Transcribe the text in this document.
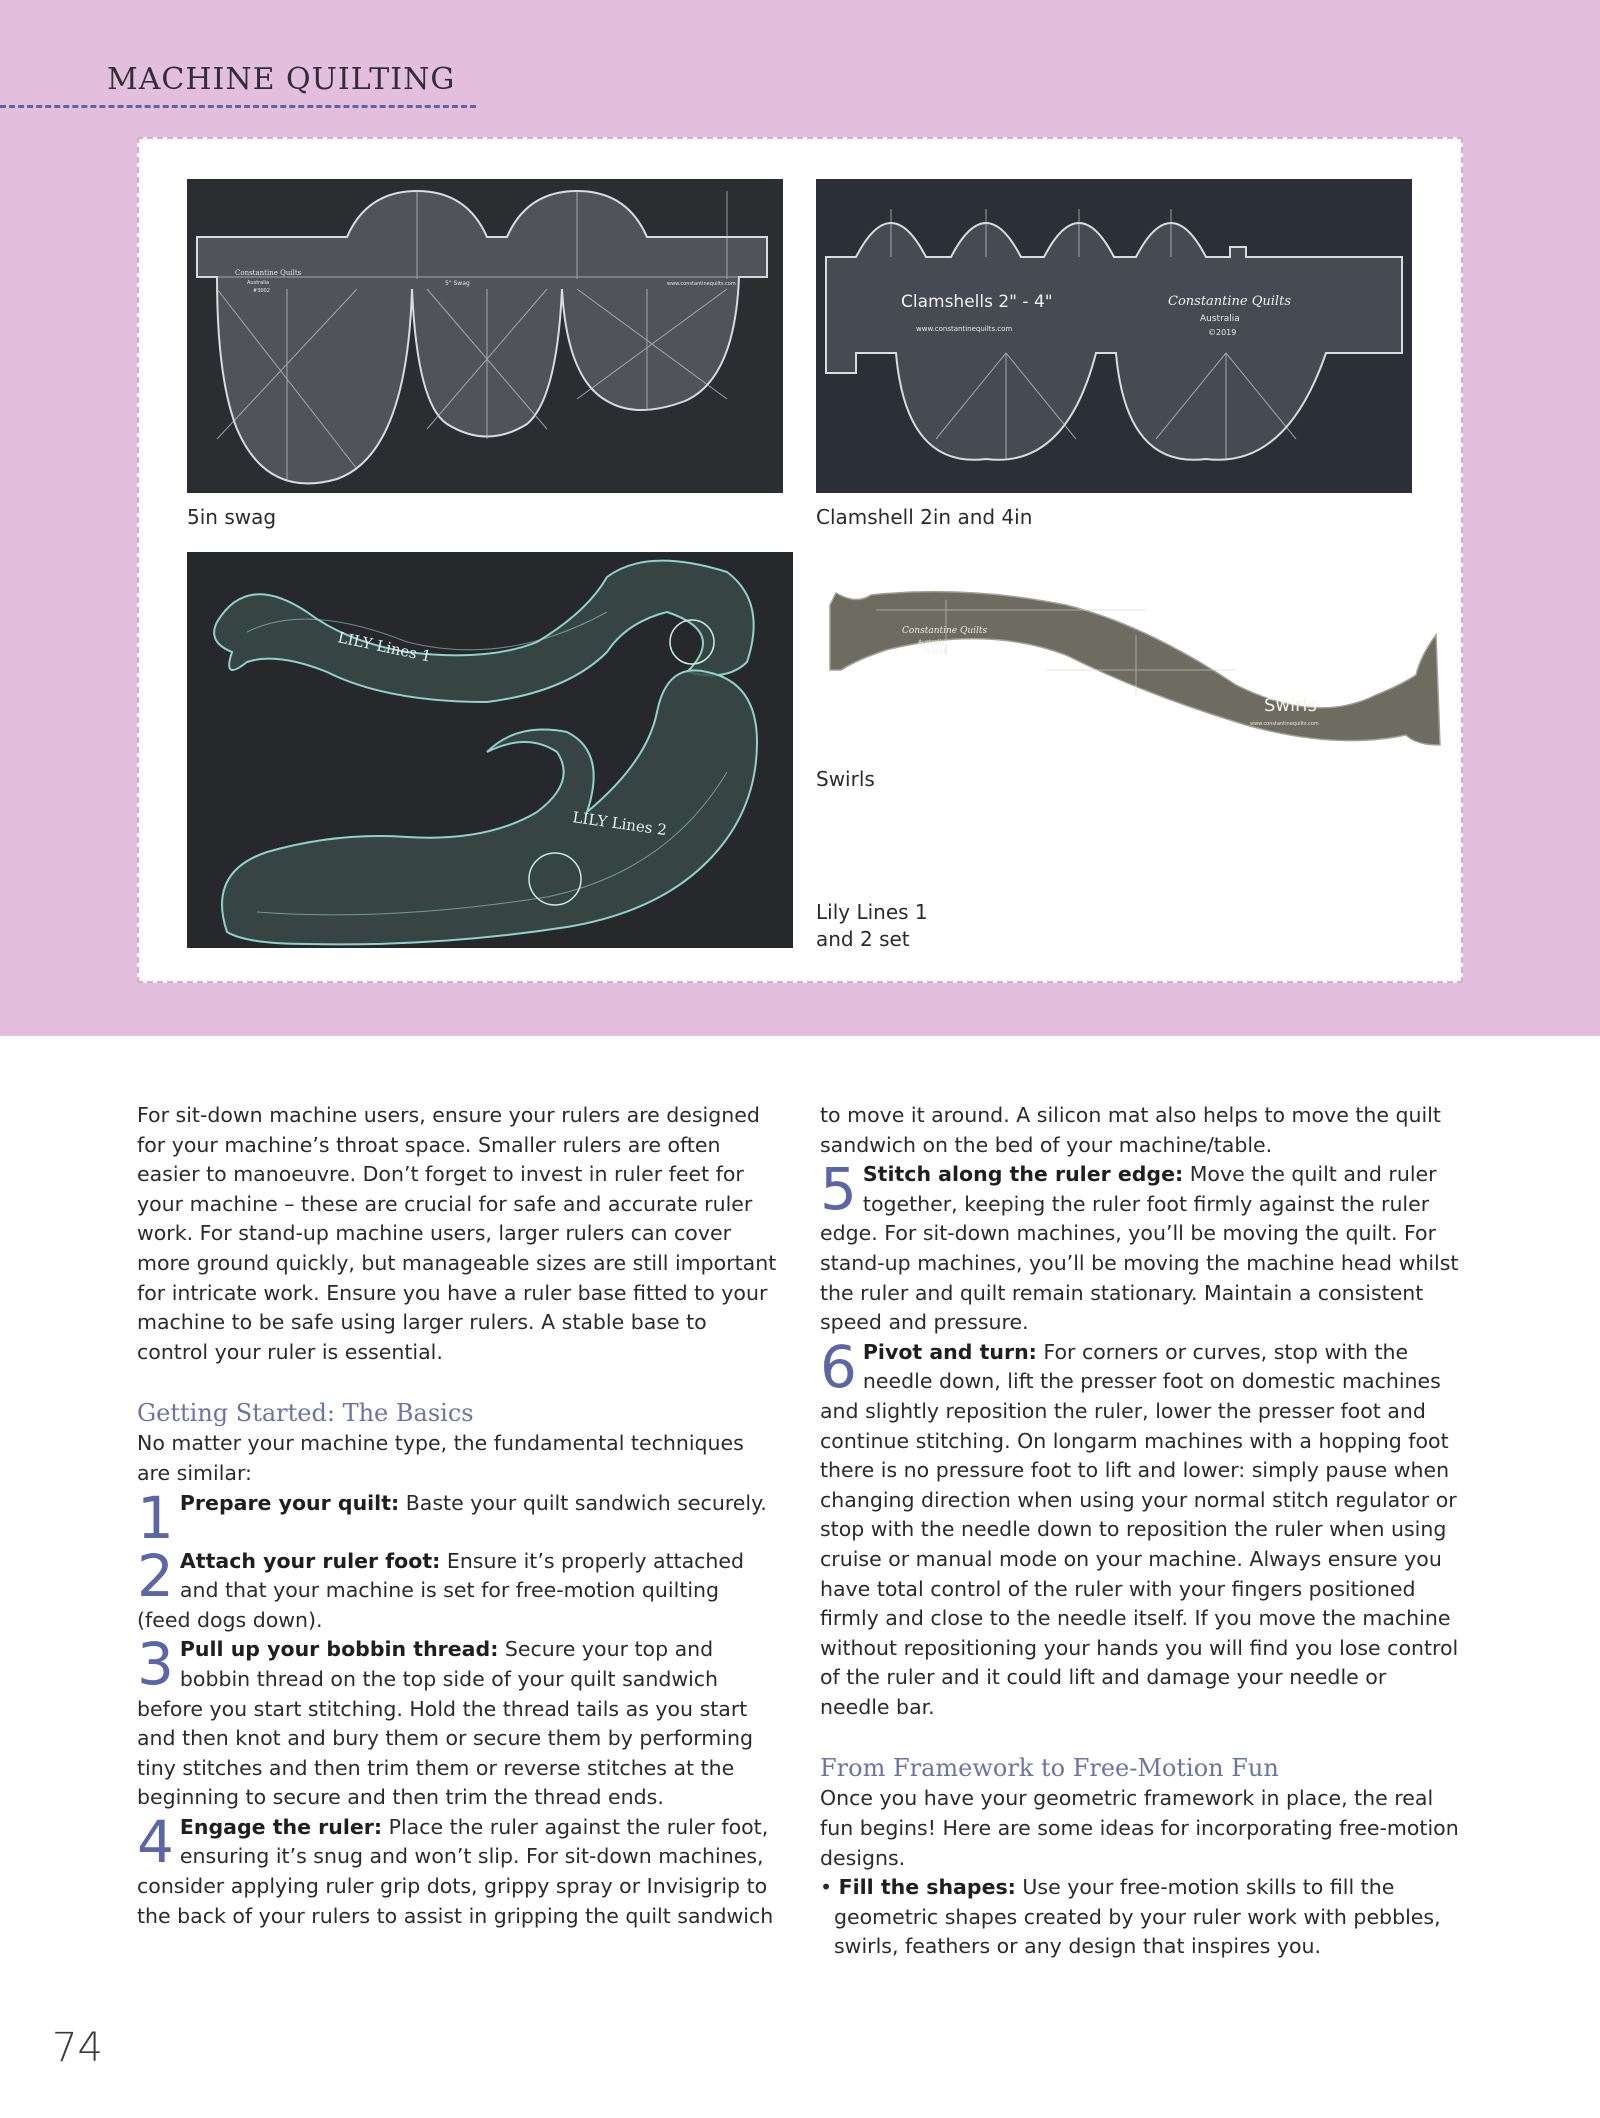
MACHINE QUILTING
Constantine Quilts
Australia
#3002
5" Swag	www.constantinequilts.com
5in swag
Clamshells 2" - 4"
www.constantinequilts.com
Constantine Quilts
Australia
©2019
Clamshell 2in and 4in
LILY Lines 1
LILY Lines 2
Constantine Quilts
Australia
©2019
Swirls
www.constantinequilts.com
Swirls
Lily Lines 1
and 2 set

For sit-down machine users, ensure your rulers are designed for your machine’s throat space. Smaller rulers are often easier to manoeuvre. Don’t forget to invest in ruler feet for your machine – these are crucial for safe and accurate ruler work. For stand-up machine users, larger rulers can cover more ground quickly, but manageable sizes are still important for intricate work. Ensure you have a ruler base fitted to your machine to be safe using larger rulers. A stable base to control your ruler is essential.

Getting Started: The Basics

No matter your machine type, the fundamental techniques are similar:

1 Prepare your quilt: Baste your quilt sandwich securely.
2 Attach your ruler foot: Ensure it’s properly attached and that your machine is set for free-motion quilting (feed dogs down).
3 Pull up your bobbin thread: Secure your top and bobbin thread on the top side of your quilt sandwich before you start stitching. Hold the thread tails as you start and then knot and bury them or secure them by performing tiny stitches and then trim them or reverse stitches at the beginning to secure and then trim the thread ends.
4 Engage the ruler: Place the ruler against the ruler foot, ensuring it’s snug and won’t slip. For sit-down machines, consider applying ruler grip dots, grippy spray or Invisigrip to the back of your rulers to assist in gripping the quilt sandwich

to move it around. A silicon mat also helps to move the quilt sandwich on the bed of your machine/table.

5 Stitch along the ruler edge: Move the quilt and ruler together, keeping the ruler foot firmly against the ruler edge. For sit-down machines, you’ll be moving the quilt. For stand-up machines, you’ll be moving the machine head whilst the ruler and quilt remain stationary. Maintain a consistent speed and pressure.
6 Pivot and turn: For corners or curves, stop with the needle down, lift the presser foot on domestic machines and slightly reposition the ruler, lower the presser foot and continue stitching. On longarm machines with a hopping foot there is no pressure foot to lift and lower: simply pause when changing direction when using your normal stitch regulator or stop with the needle down to reposition the ruler when using cruise or manual mode on your machine. Always ensure you have total control of the ruler with your fingers positioned firmly and close to the needle itself. If you move the machine without repositioning your hands you will find you lose control of the ruler and it could lift and damage your needle or needle bar.
From Framework to Free-Motion Fun

Once you have your geometric framework in place, the real fun begins! Here are some ideas for incorporating free-motion designs.

• Fill the shapes: Use your free-motion skills to fill the geometric shapes created by your ruler work with pebbles, swirls, feathers or any design that inspires you.

74
